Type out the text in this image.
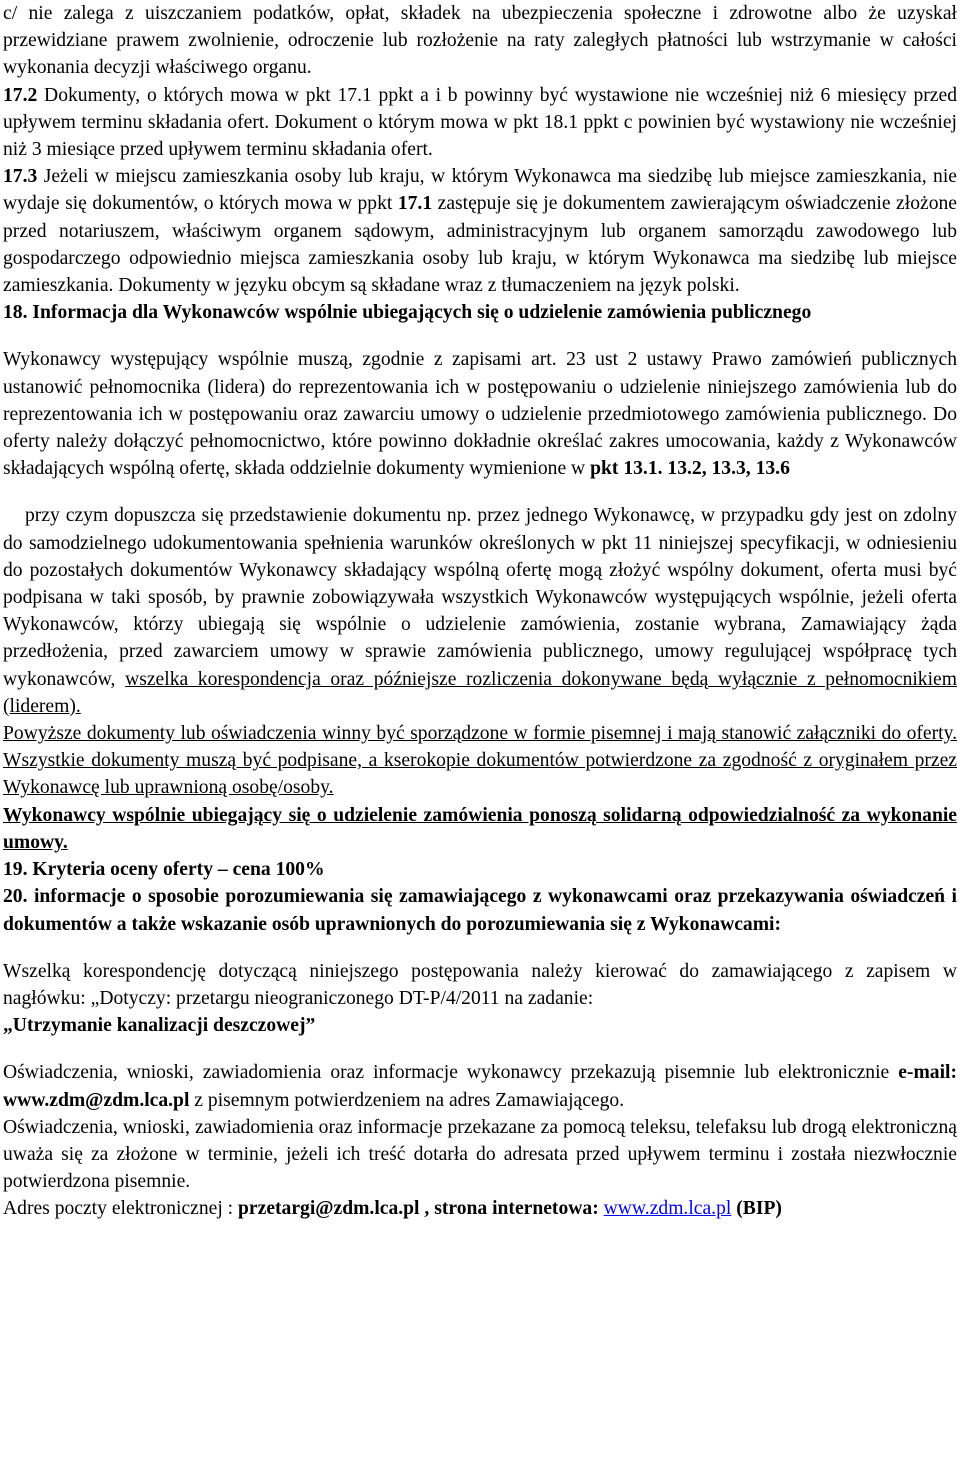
c/ nie zalega z uiszczaniem podatków, opłat, składek na ubezpieczenia społeczne i zdrowotne albo że uzyskał przewidziane prawem zwolnienie, odroczenie lub rozłożenie na raty zaległych płatności lub wstrzymanie w całości wykonania decyzji właściwego organu.

17.2 Dokumenty, o których mowa w pkt 17.1 ppkt a i b powinny być wystawione nie wcześniej niż 6 miesięcy przed upływem terminu składania ofert. Dokument o którym mowa w pkt 18.1 ppkt c powinien być wystawiony nie wcześniej niż 3 miesiące przed upływem terminu składania ofert.

17.3 Jeżeli w miejscu zamieszkania osoby lub kraju, w którym Wykonawca ma siedzibę lub miejsce zamieszkania, nie wydaje się dokumentów, o których mowa w ppkt 17.1 zastępuje się je dokumentem zawierającym oświadczenie złożone przed notariuszem, właściwym organem sądowym, administracyjnym lub organem samorządu zawodowego lub gospodarczego odpowiednio miejsca zamieszkania osoby lub kraju, w którym Wykonawca ma siedzibę lub miejsce zamieszkania. Dokumenty w języku obcym są składane wraz z tłumaczeniem na język polski.

18. Informacja dla Wykonawców wspólnie ubiegających się o udzielenie zamówienia publicznego

Wykonawcy występujący wspólnie muszą, zgodnie z zapisami art. 23 ust 2 ustawy Prawo zamówień publicznych ustanowić pełnomocnika (lidera) do reprezentowania ich w postępowaniu o udzielenie niniejszego zamówienia lub do reprezentowania ich w postępowaniu oraz zawarciu umowy o udzielenie przedmiotowego zamówienia publicznego. Do oferty należy dołączyć pełnomocnictwo, które powinno dokładnie określać zakres umocowania, każdy z Wykonawców składających wspólną ofertę, składa oddzielnie dokumenty wymienione w pkt 13.1. 13.2, 13.3, 13.6

przy czym dopuszcza się przedstawienie dokumentu np. przez jednego Wykonawcę, w przypadku gdy jest on zdolny do samodzielnego udokumentowania spełnienia warunków określonych w pkt 11 niniejszej specyfikacji, w odniesieniu do pozostałych dokumentów Wykonawcy składający wspólną ofertę mogą złożyć wspólny dokument, oferta musi być podpisana w taki sposób, by prawnie zobowiązywała wszystkich Wykonawców występujących wspólnie, jeżeli oferta Wykonawców, którzy ubiegają się wspólnie o udzielenie zamówienia, zostanie wybrana, Zamawiający żąda przedłożenia, przed zawarciem umowy w sprawie zamówienia publicznego, umowy regulującej współpracę tych wykonawców, wszelka korespondencja oraz późniejsze rozliczenia dokonywane będą wyłącznie z pełnomocnikiem (liderem).

Powyższe dokumenty lub oświadczenia winny być sporządzone w formie pisemnej i mają stanowić załączniki do oferty. Wszystkie dokumenty muszą być podpisane, a kserokopie dokumentów potwierdzone za zgodność z oryginałem przez Wykonawcę lub uprawnioną osobę/osoby.

Wykonawcy wspólnie ubiegający się o udzielenie zamówienia ponoszą solidarną odpowiedzialność za wykonanie umowy.

19. Kryteria oceny oferty – cena 100%

20. informacje o sposobie porozumiewania się zamawiającego z wykonawcami oraz przekazywania oświadczeń i dokumentów a także wskazanie osób uprawnionych do porozumiewania się z Wykonawcami:

Wszelką korespondencję dotyczącą niniejszego postępowania należy kierować do zamawiającego z zapisem w nagłówku: „Dotyczy: przetargu nieograniczonego DT-P/4/2011 na zadanie:

„Utrzymanie kanalizacji deszczowej”

Oświadczenia, wnioski, zawiadomienia oraz informacje wykonawcy przekazują pisemnie lub elektronicznie e-mail: www.zdm@zdm.lca.pl z pisemnym potwierdzeniem na adres Zamawiającego.

Oświadczenia, wnioski, zawiadomienia oraz informacje przekazane za pomocą teleksu, telefaksu lub drogą elektroniczną uważa się za złożone w terminie, jeżeli ich treść dotarła do adresata przed upływem terminu i została niezwłocznie potwierdzona pisemnie.

Adres poczty elektronicznej : przetargi@zdm.lca.pl , strona internetowa: www.zdm.lca.pl (BIP)
